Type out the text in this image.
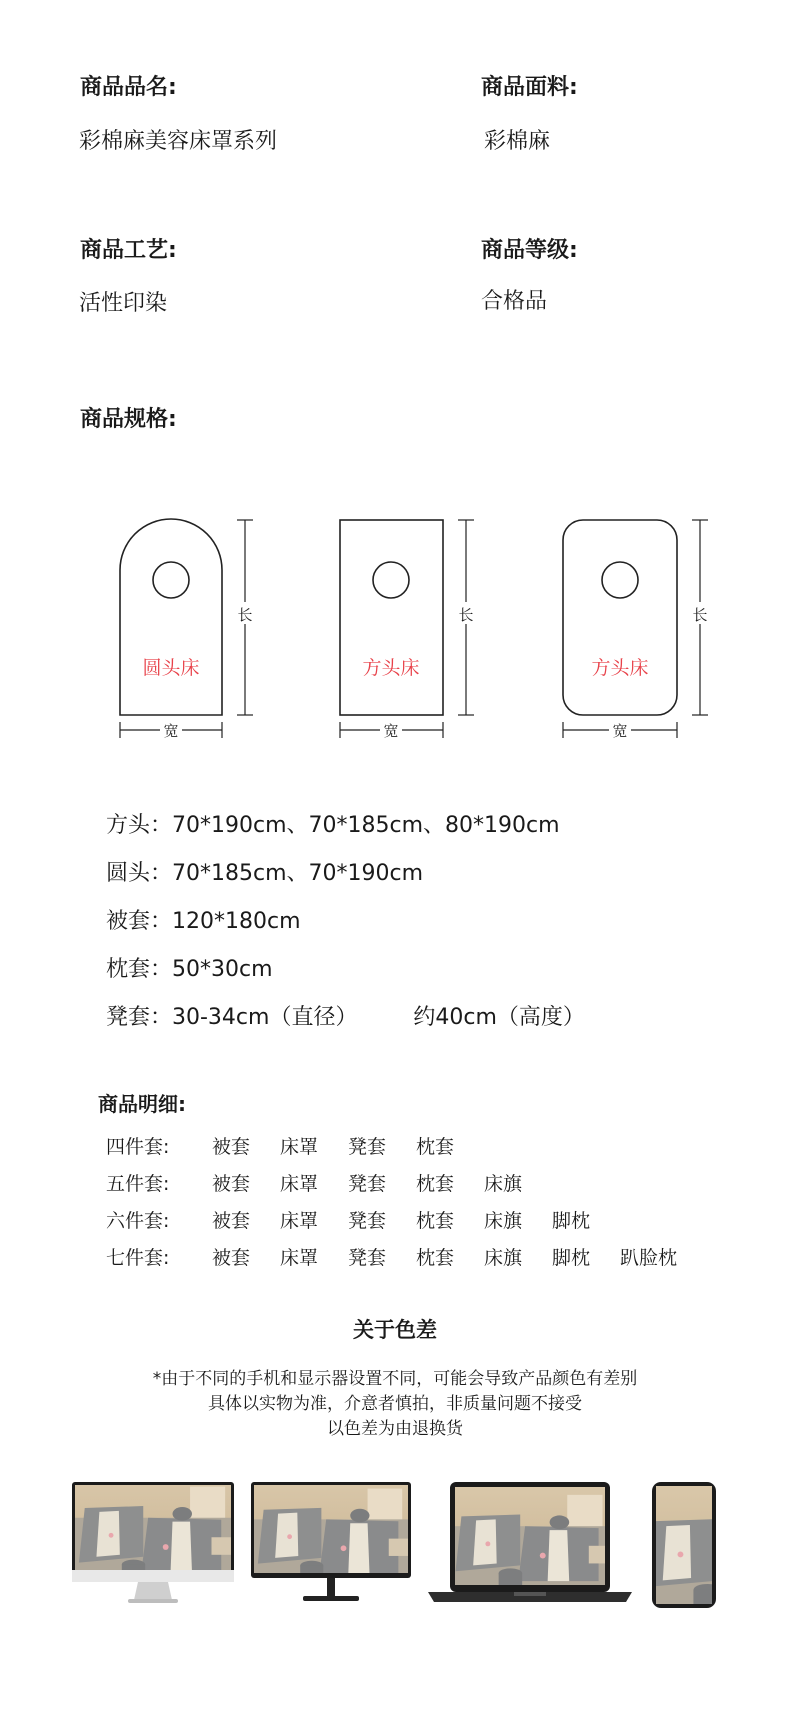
商品品名:
彩棉麻美容床罩系列
商品面料:
彩棉麻
商品工艺:
活性印染
商品等级:
合格品
商品规格:
圆头床	方头床	方头床
长	长	长
宽	宽	宽
方头：70*190cm、70*185cm、80*190cm
圆头：70*185cm、70*190cm
被套：120*180cm
枕套：50*30cm
凳套：30-34cm（直径）        约40cm（高度）
商品明细:
四件套: 被套 床罩 凳套 枕套
五件套: 被套 床罩 凳套 枕套 床旗
六件套: 被套 床罩 凳套 枕套 床旗 脚枕
七件套: 被套 床罩 凳套 枕套 床旗 脚枕 趴脸枕
关于色差
*由于不同的手机和显示器设置不同，可能会导致产品颜色有差别
具体以实物为准，介意者慎拍，非质量问题不接受
以色差为由退换货
